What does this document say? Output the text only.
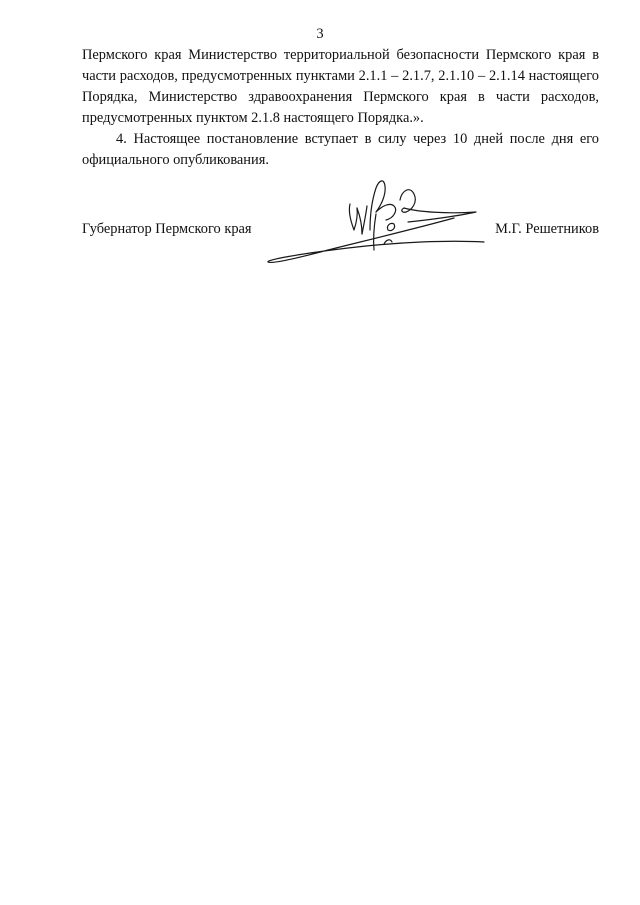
3

Пермского края Министерство территориальной безопасности Пермского края в части расходов, предусмотренных пунктами 2.1.1 – 2.1.7, 2.1.10 – 2.1.14 настоящего Порядка, Министерство здравоохранения Пермского края в части расходов, предусмотренных пунктом 2.1.8 настоящего Порядка.».

4. Настоящее постановление вступает в силу через 10 дней после дня его официального опубликования.

Губернатор Пермского края	М.Г. Решетников
